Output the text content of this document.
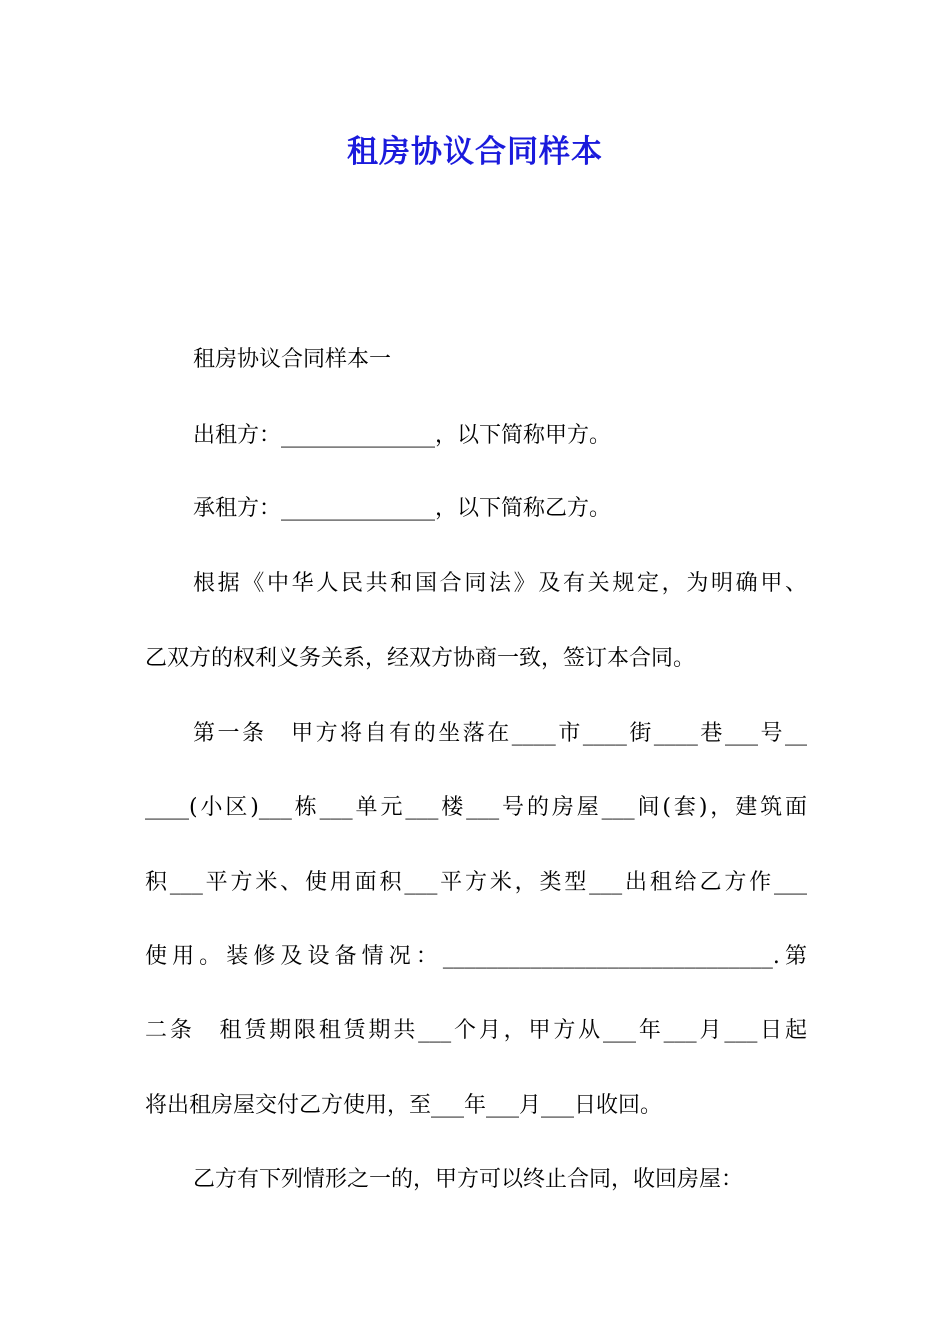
租房协议合同样本
租房协议合同样本一
出租方：______________，以下简称甲方。
承租方：______________，以下简称乙方。
根据《中华人民共和国合同法》及有关规定，为明确甲、
乙双方的权利义务关系，经双方协商一致，签订本合同。
第一条　甲方将自有的坐落在____市____街____巷___号__
____(小区)___栋___单元___楼___号的房屋___间(套)，建筑面
积___平方米、使用面积___平方米，类型___出租给乙方作___
使用。装修及设备情况：______________________________.第
二条　租赁期限租赁期共___个月，甲方从___年___月___日起
将出租房屋交付乙方使用，至___年___月___日收回。
乙方有下列情形之一的，甲方可以终止合同，收回房屋：
